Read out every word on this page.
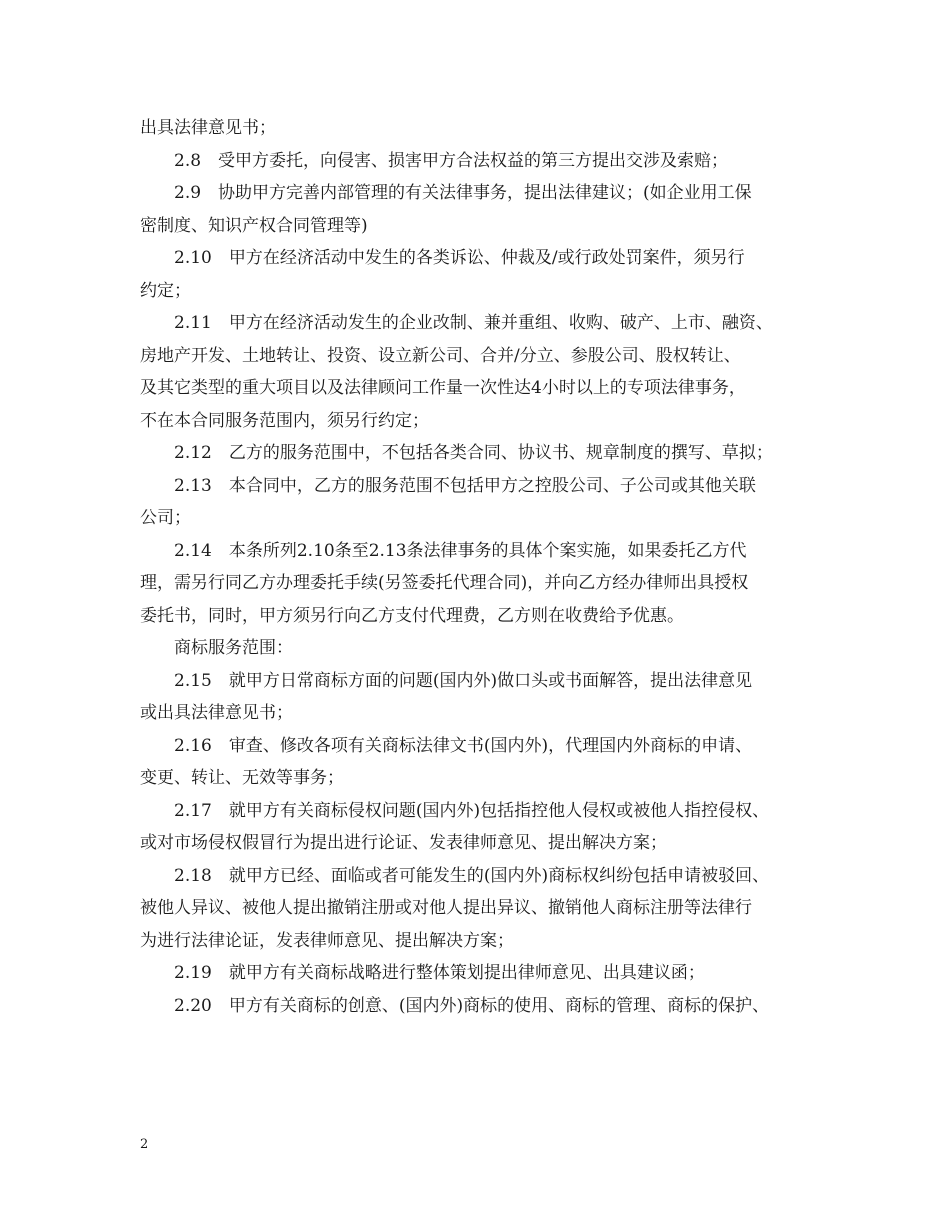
出具法律意见书；
2.8　受甲方委托，向侵害、损害甲方合法权益的第三方提出交涉及索赔；
2.9　协助甲方完善内部管理的有关法律事务，提出法律建议；(如企业用工保
密制度、知识产权合同管理等)
2.10　甲方在经济活动中发生的各类诉讼、仲裁及/或行政处罚案件，须另行
约定；
2.11　甲方在经济活动发生的企业改制、兼并重组、收购、破产、上市、融资、
房地产开发、土地转让、投资、设立新公司、合并/分立、参股公司、股权转让、
及其它类型的重大项目以及法律顾问工作量一次性达4小时以上的专项法律事务，
不在本合同服务范围内，须另行约定；
2.12　乙方的服务范围中，不包括各类合同、协议书、规章制度的撰写、草拟；
2.13　本合同中，乙方的服务范围不包括甲方之控股公司、子公司或其他关联
公司；
2.14　本条所列2.10条至2.13条法律事务的具体个案实施，如果委托乙方代
理，需另行同乙方办理委托手续(另签委托代理合同)，并向乙方经办律师出具授权
委托书，同时，甲方须另行向乙方支付代理费，乙方则在收费给予优惠。
商标服务范围：
2.15　就甲方日常商标方面的问题(国内外)做口头或书面解答，提出法律意见
或出具法律意见书；
2.16　审查、修改各项有关商标法律文书(国内外)，代理国内外商标的申请、
变更、转让、无效等事务；
2.17　就甲方有关商标侵权问题(国内外)包括指控他人侵权或被他人指控侵权、
或对市场侵权假冒行为提出进行论证、发表律师意见、提出解决方案；
2.18　就甲方已经、面临或者可能发生的(国内外)商标权纠纷包括申请被驳回、
被他人异议、被他人提出撤销注册或对他人提出异议、撤销他人商标注册等法律行
为进行法律论证，发表律师意见、提出解决方案；
2.19　就甲方有关商标战略进行整体策划提出律师意见、出具建议函；
2.20　甲方有关商标的创意、(国内外)商标的使用、商标的管理、商标的保护、
2
